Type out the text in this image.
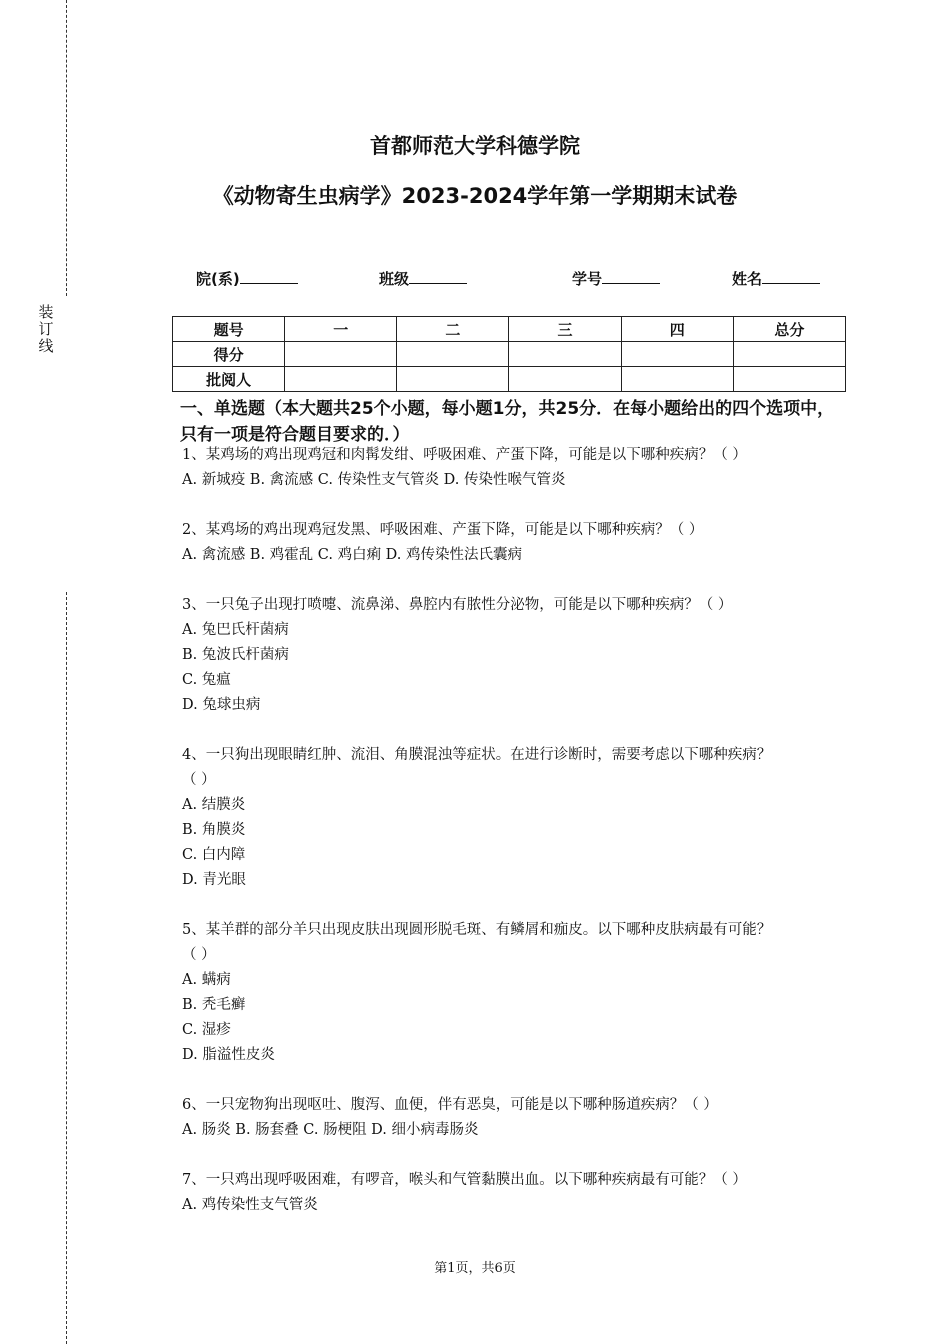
装
订
线
首都师范大学科德学院
《动物寄生虫病学》2023-2024学年第一学期期末试卷
院(系)	班级	学号	姓名
题号	一	二	三	四	总分
得分					
批阅人					
一、单选题（本大题共25个小题，每小题1分，共25分．在每小题给出的四个选项中，只有一项是符合题目要求的．）

1、某鸡场的鸡出现鸡冠和肉髯发绀、呼吸困难、产蛋下降，可能是以下哪种疾病？（ ）

A. 新城疫 B. 禽流感 C. 传染性支气管炎 D. 传染性喉气管炎

2、某鸡场的鸡出现鸡冠发黑、呼吸困难、产蛋下降，可能是以下哪种疾病？（ ）

A. 禽流感 B. 鸡霍乱 C. 鸡白痢 D. 鸡传染性法氏囊病

3、一只兔子出现打喷嚏、流鼻涕、鼻腔内有脓性分泌物，可能是以下哪种疾病？（ ）

A. 兔巴氏杆菌病

B. 兔波氏杆菌病

C. 兔瘟

D. 兔球虫病

4、一只狗出现眼睛红肿、流泪、角膜混浊等症状。在进行诊断时，需要考虑以下哪种疾病？

（ ）

A. 结膜炎

B. 角膜炎

C. 白内障

D. 青光眼

5、某羊群的部分羊只出现皮肤出现圆形脱毛斑、有鳞屑和痂皮。以下哪种皮肤病最有可能？

（ ）

A. 螨病

B. 秃毛癣

C. 湿疹

D. 脂溢性皮炎

6、一只宠物狗出现呕吐、腹泻、血便，伴有恶臭，可能是以下哪种肠道疾病？（ ）

A. 肠炎 B. 肠套叠 C. 肠梗阻 D. 细小病毒肠炎

7、一只鸡出现呼吸困难，有啰音，喉头和气管黏膜出血。以下哪种疾病最有可能？（ ）

A. 鸡传染性支气管炎

第1页，共6页
